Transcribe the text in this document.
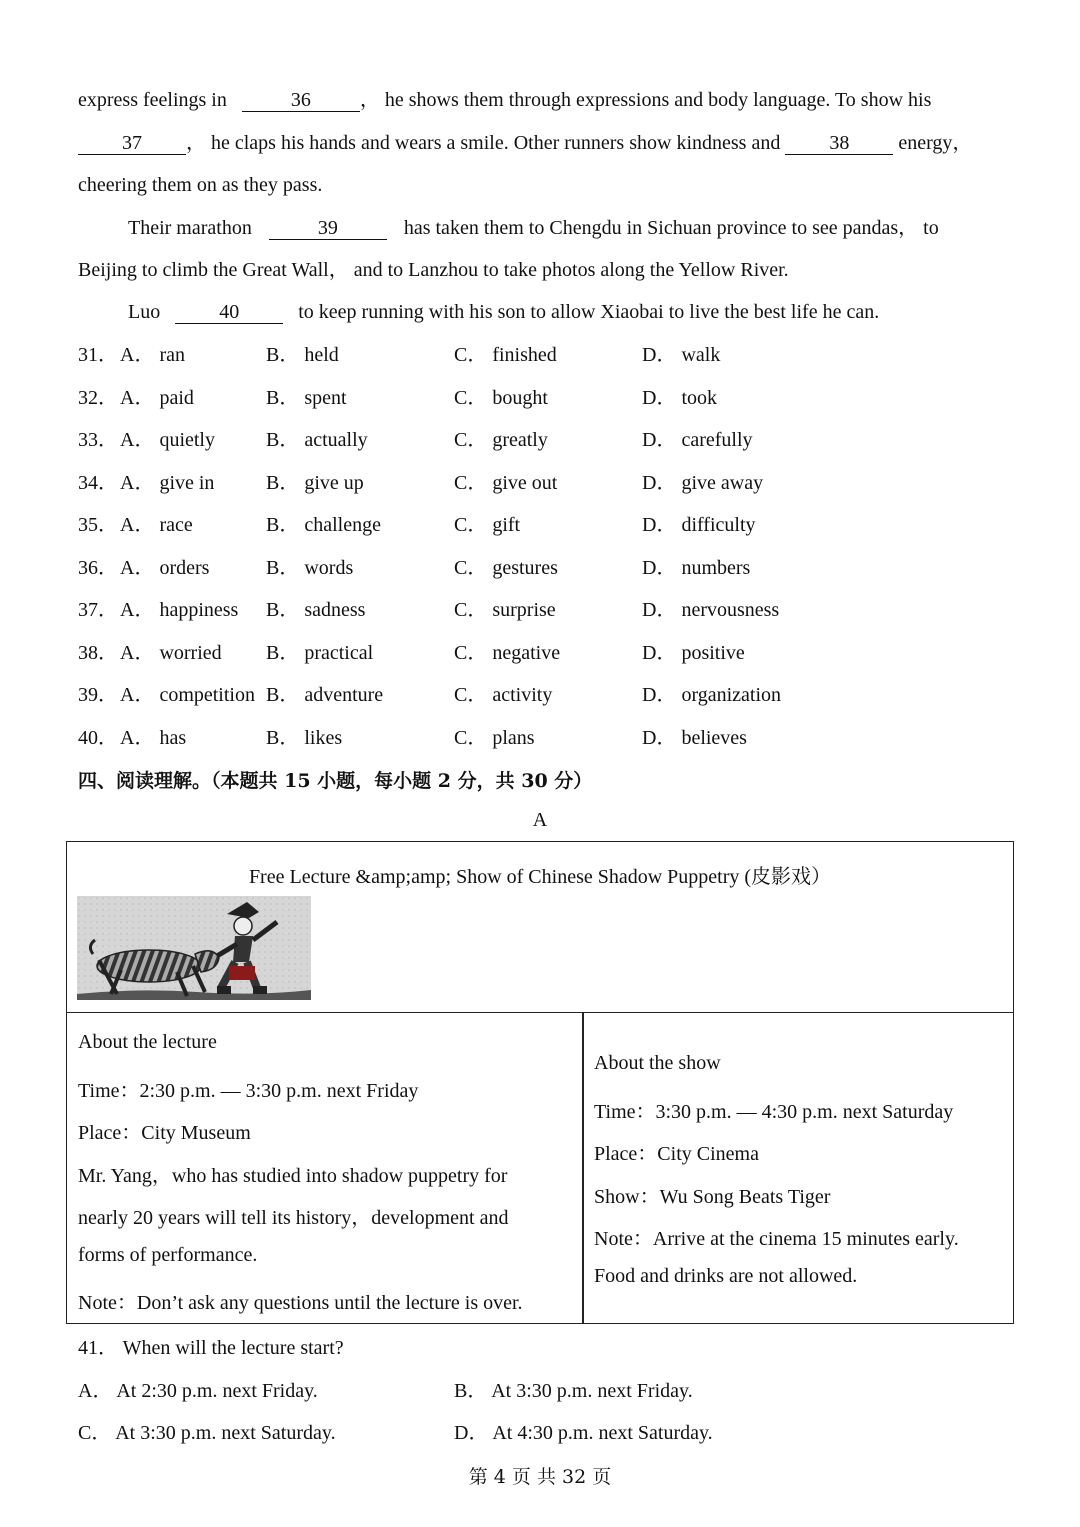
express feelings in	36 ， he shows them through expressions and body language. To show his
37 ， he claps his hands and wears a smile. Other runners show kindness and 38 energy，
cheering them on as they pass.
Their marathon	39	has taken them to Chengdu in Sichuan province to see pandas， to
Beijing to climb the Great Wall， and to Lanzhou to take photos along the Yellow River.
Luo	40	to keep running with his son to allow Xiaobai to live the best life he can.
31． A． ran	B． held	C． finished	D． walk
32． A． paid	B． spent	C． bought	D． took
33． A． quietly	B． actually	C． greatly	D． carefully
34． A． give in	B． give up	C． give out	D． give away
35． A． race	B． challenge	C． gift	D． difficulty
36． A． orders	B． words	C． gestures	D． numbers
37． A． happiness B． sadness	C． surprise	D． nervousness
38． A． worried B． practical	C． negative	D． positive
39． A． competition B． adventure	C． activity	D． organization
40． A． has	B． likes	C． plans	D． believes
四、阅读理解。（本题共 15 小题，每小题 2 分，共 30 分）
A
Free Lecture &amp;amp; Show of Chinese Shadow Puppetry (皮影戏）
About the lecture
Time：2:30 p.m. — 3:30 p.m. next Friday
Place：City Museum
Mr. Yang，who has studied into shadow puppetry for
nearly 20 years will tell its history，development and
forms of performance.
Note：Don’t ask any questions until the lecture is over.
About the show
Time：3:30 p.m. — 4:30 p.m. next Saturday
Place：City Cinema
Show：Wu Song Beats Tiger
Note：Arrive at the cinema 15 minutes early.
Food and drinks are not allowed.
41． When will the lecture start?
A． At 2:30 p.m. next Friday.	B． At 3:30 p.m. next Friday.
C． At 3:30 p.m. next Saturday.	D． At 4:30 p.m. next Saturday.
第 4 页 共 32 页
